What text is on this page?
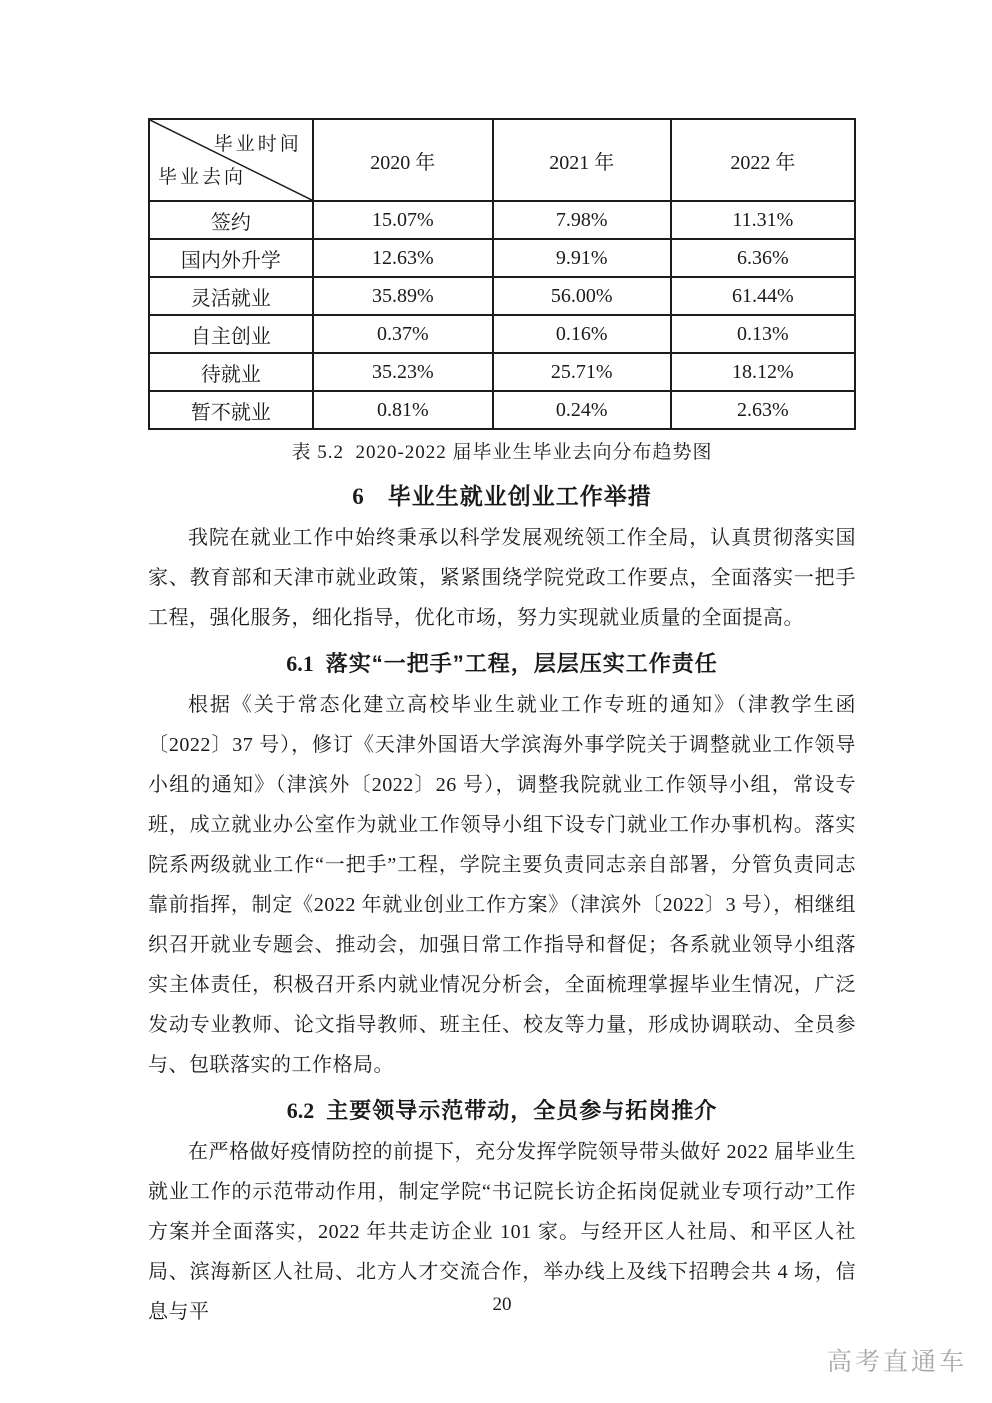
毕业时间
毕业去向	2020 年	2021 年	2022 年
签约	15.07%	7.98%	11.31%
国内外升学	12.63%	9.91%	6.36%
灵活就业	35.89%	56.00%	61.44%
自主创业	0.37%	0.16%	0.13%
待就业	35.23%	25.71%	18.12%
暂不就业	0.81%	0.24%	2.63%
表 5.2  2020-2022 届毕业生毕业去向分布趋势图
6 毕业生就业创业工作举措

我院在就业工作中始终秉承以科学发展观统领工作全局，认真贯彻落实国家、教育部和天津市就业政策，紧紧围绕学院党政工作要点，全面落实一把手工程，强化服务，细化指导，优化市场，努力实现就业质量的全面提高。

6.1 落实“一把手”工程，层层压实工作责任

根据《关于常态化建立高校毕业生就业工作专班的通知》（津教学生函〔2022〕37 号），修订《天津外国语大学滨海外事学院关于调整就业工作领导小组的通知》（津滨外〔2022〕26 号），调整我院就业工作领导小组，常设专班，成立就业办公室作为就业工作领导小组下设专门就业工作办事机构。落实院系两级就业工作“一把手”工程，学院主要负责同志亲自部署，分管负责同志靠前指挥，制定《2022 年就业创业工作方案》（津滨外〔2022〕3 号），相继组织召开就业专题会、推动会，加强日常工作指导和督促；各系就业领导小组落实主体责任，积极召开系内就业情况分析会，全面梳理掌握毕业生情况，广泛发动专业教师、论文指导教师、班主任、校友等力量，形成协调联动、全员参与、包联落实的工作格局。

6.2 主要领导示范带动，全员参与拓岗推介

在严格做好疫情防控的前提下，充分发挥学院领导带头做好 2022 届毕业生就业工作的示范带动作用，制定学院“书记院长访企拓岗促就业专项行动”工作方案并全面落实，2022 年共走访企业 101 家。与经开区人社局、和平区人社局、滨海新区人社局、北方人才交流合作，举办线上及线下招聘会共 4 场，信息与平	20
高考直通车
